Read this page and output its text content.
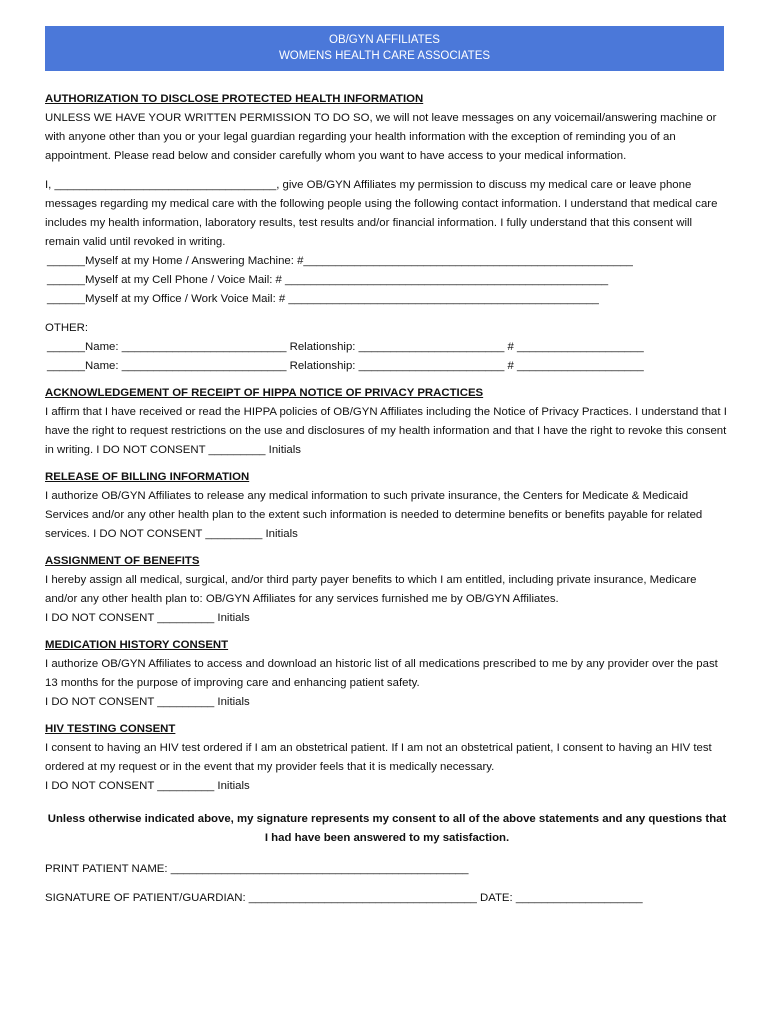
OB/GYN AFFILIATES
WOMENS HEALTH CARE ASSOCIATES
AUTHORIZATION TO DISCLOSE PROTECTED HEALTH INFORMATION

UNLESS WE HAVE YOUR WRITTEN PERMISSION TO DO SO, we will not leave messages on any voicemail/answering machine or with anyone other than you or your legal guardian regarding your health information with the exception of reminding you of an appointment. Please read below and consider carefully whom you want to have access to your medical information.

I, ___________________________________, give OB/GYN Affiliates my permission to discuss my medical care or leave phone messages regarding my medical care with the following people using the following contact information. I understand that medical care includes my health information, laboratory results, test results and/or financial information. I fully understand that this consent will remain valid until revoked in writing.

______Myself at my Home / Answering Machine: #____________________________________________________

______Myself at my Cell Phone / Voice Mail: # ___________________________________________________

______Myself at my Office / Work Voice Mail: # _________________________________________________

OTHER:

______Name: __________________________ Relationship: _______________________ # ____________________

______Name: __________________________ Relationship: _______________________ # ____________________

ACKNOWLEDGEMENT OF RECEIPT OF HIPPA NOTICE OF PRIVACY PRACTICES

I affirm that I have received or read the HIPPA policies of OB/GYN Affiliates including the Notice of Privacy Practices. I understand that I have the right to request restrictions on the use and disclosures of my health information and that I have the right to revoke this consent in writing. I DO NOT CONSENT _________ Initials

RELEASE OF BILLING INFORMATION

I authorize OB/GYN Affiliates to release any medical information to such private insurance, the Centers for Medicate & Medicaid Services and/or any other health plan to the extent such information is needed to determine benefits or benefits payable for related services. I DO NOT CONSENT _________ Initials

ASSIGNMENT OF BENEFITS

I hereby assign all medical, surgical, and/or third party payer benefits to which I am entitled, including private insurance, Medicare and/or any other health plan to: OB/GYN Affiliates for any services furnished me by OB/GYN Affiliates.

I DO NOT CONSENT _________ Initials

MEDICATION HISTORY CONSENT

I authorize OB/GYN Affiliates to access and download an historic list of all medications prescribed to me by any provider over the past 13 months for the purpose of improving care and enhancing patient safety.

I DO NOT CONSENT _________ Initials

HIV TESTING CONSENT

I consent to having an HIV test ordered if I am an obstetrical patient. If I am not an obstetrical patient, I consent to having an HIV test ordered at my request or in the event that my provider feels that it is medically necessary.

I DO NOT CONSENT _________ Initials

Unless otherwise indicated above, my signature represents my consent to all of the above statements and any questions that I had have been answered to my satisfaction.

PRINT PATIENT NAME: _______________________________________________

SIGNATURE OF PATIENT/GUARDIAN: ____________________________________ DATE: ____________________
